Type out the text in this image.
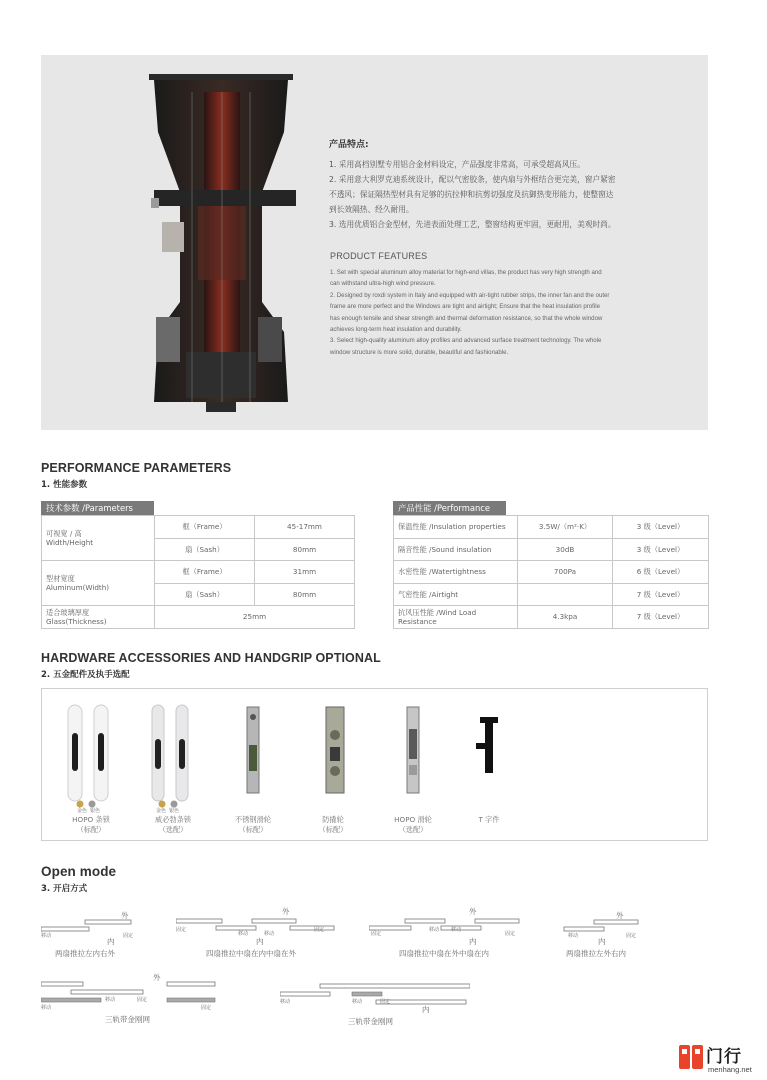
产品特点:
1. 采用高档别墅专用铝合金材料设定，产品强度非常高，可承受超高风压。
2. 采用意大利罗克迪系统设计，配以气密胶条，使内扇与外框结合更完美，窗户紧密
不透风；保证隔热型材具有足够的抗拉伸和抗剪切强度及抗御热变形能力，使整窗达
到长效隔热、经久耐用。
3. 选用优质铝合金型材，先进表面处理工艺，整窗结构更牢固，更耐用，美观时尚。
PRODUCT FEATURES
1. Set with special aluminum alloy material for high-end villas, the product has very high strength and
can withstand ultra-high wind pressure.
2. Designed by roxdi system in Italy and equipped with air-tight rubber strips, the inner fan and the outer
frame are more perfect and the Windows are tight and airtight; Ensure that the heat insulation profile
has enough tensile and shear strength and thermal deformation resistance, so that the whole window
achieves long-term heat insulation and durability.
3. Select high-quality aluminum alloy profiles and advanced surface treatment technology. The whole
window structure is more solid, durable, beautiful and fashionable.
PERFORMANCE PARAMETERS
1. 性能参数
技术参数 /Parameters
可视宽 / 高
Width/Height	框（Frame）	45-17mm
	扇（Sash）	80mm

型材宽度
Aluminum(Width)	框（Frame）	31mm
	扇（Sash）	80mm

适合玻璃厚度
Glass(Thickness)	25mm	
产品性能 /Performance
保温性能 /Insulation properties	3.5W/（m²·K）	3 级（Level）
隔音性能 /Sound insulation	30dB	3 级（Level）
水密性能 /Watertightness	700Pa	6 级（Level）
气密性能 /Airtight		7 级（Level）
抗风压性能 /Wind Load Resistance	4.3kpa	7 级（Level）
HARDWARE ACCESSORIES AND HANDGRIP OPTIONAL
2. 五金配件及执手选配
金色 银色
HOPO 条锁
（标配）
金色 银色
威必勃条锁
（选配）
不锈钢滑轮
（标配）
防撬轮
（标配）
HOPO 滑轮
（选配）
T 字件
Open mode
3. 开启方式
外
移动	固定
内
两扇推拉左内右外
外
固定
移动	移动
固定
内
四扇推拉中扇在内中扇在外
外
固定
移动 移动
固定
内
四扇推拉中扇在外中扇在内
外
移动	固定
内
两扇推拉左外右内
外
移动	固定
移动	固定
三轨带金刚网
移动	移动	固定
内
三轨带金刚网
门行
menhang.net
